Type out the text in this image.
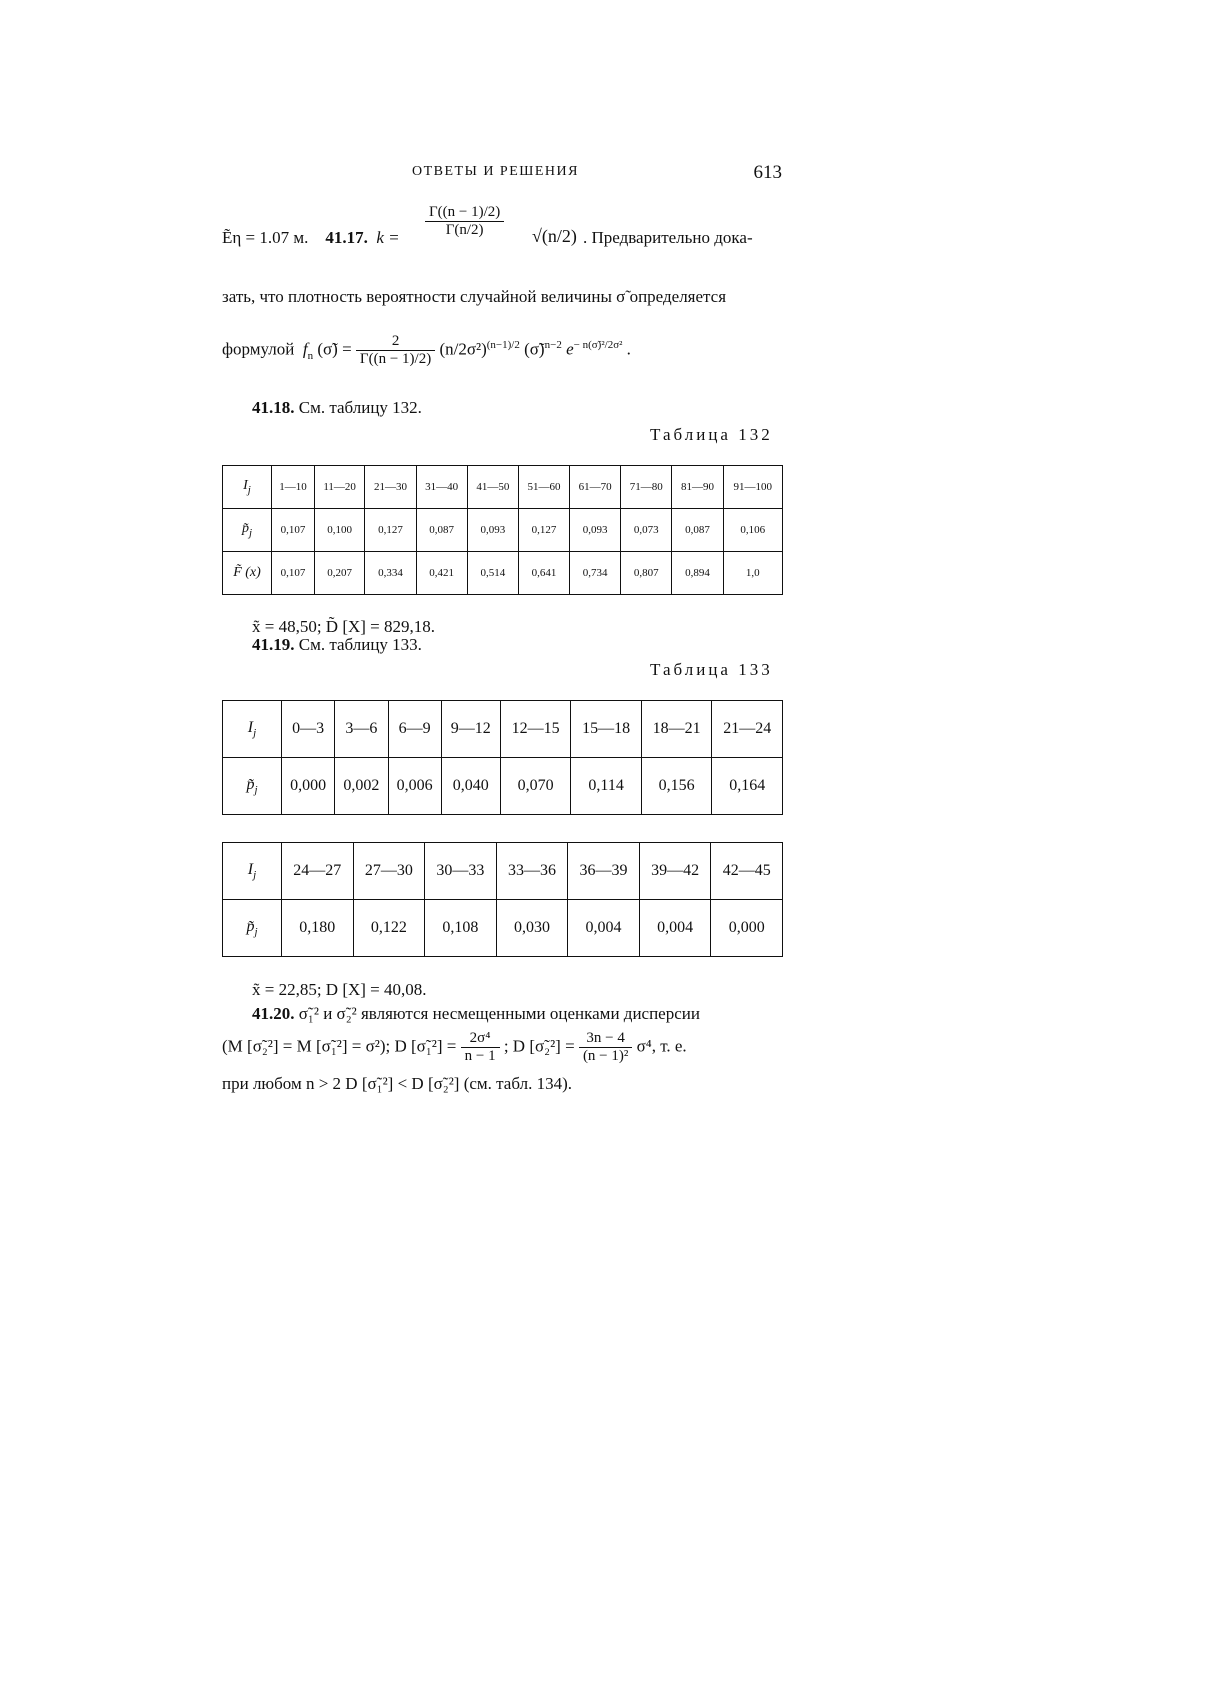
ОТВЕТЫ И РЕШЕНИЯ	613
Ẽη = 1.07 м. 41.17. $k = \frac{\Gamma((n - 1)/2)}{\Gamma(n/2)} √(n/2)$ . Предварительно дока-
зать, что плотность вероятности случайной величины σ̃ определяется
формулой $f_n$ (σ̃) = $\frac{2}{\Gamma((n - 1)/2)} (n/2\sigma^2)^{(n-1)/2}$ (σ̃)$^{n-2}$ $e^{- n(\sigmã)^2/2\sigma^2}$ .
41.18. См. таблицу 132.
Таблица 132
$I_j$	1—10	11—20	21—30	31—40	41—50	51—60	61—70	71—80	81—90	91—100
$p̃_j$	0,107	0,100	0,127	0,087	0,093	0,127	0,093	0,073	0,087	0,106
F̃ (x)	0,107	0,207	0,334	0,421	0,514	0,641	0,734	0,807	0,894	1,0
x̃ = 48,50; D̃ [X] = 829,18.
41.19. См. таблицу 133.
Таблица 133
$I_j$	0—3	3—6	6—9	9—12	12—15	15—18	18—21	21—24
$p̃_j$	0,000	0,002	0,006	0,040	0,070	0,114	0,156	0,164
$I_j$	24—27	27—30	30—33	33—36	36—39	39—42	42—45
$p̃_j$	0,180	0,122	0,108	0,030	0,004	0,004	0,000
x̃ = 22,85; D [X] = 40,08.
41.20. σ̃₁² и σ̃₂² являются несмещенными оценками дисперсии
(M [σ̃₂²] = M [σ̃₁²] = σ²); D [σ̃₁²] = $\frac{\text{2σ⁴}}{n - 1}$ ; D [σ̃₂²] = $\frac{3n - 4}{\text{(n − 1)²}} \sigma^4$, т. е.
при любом n > 2 D [σ̃₁²] < D [σ̃₂²] (см. табл. 134).
